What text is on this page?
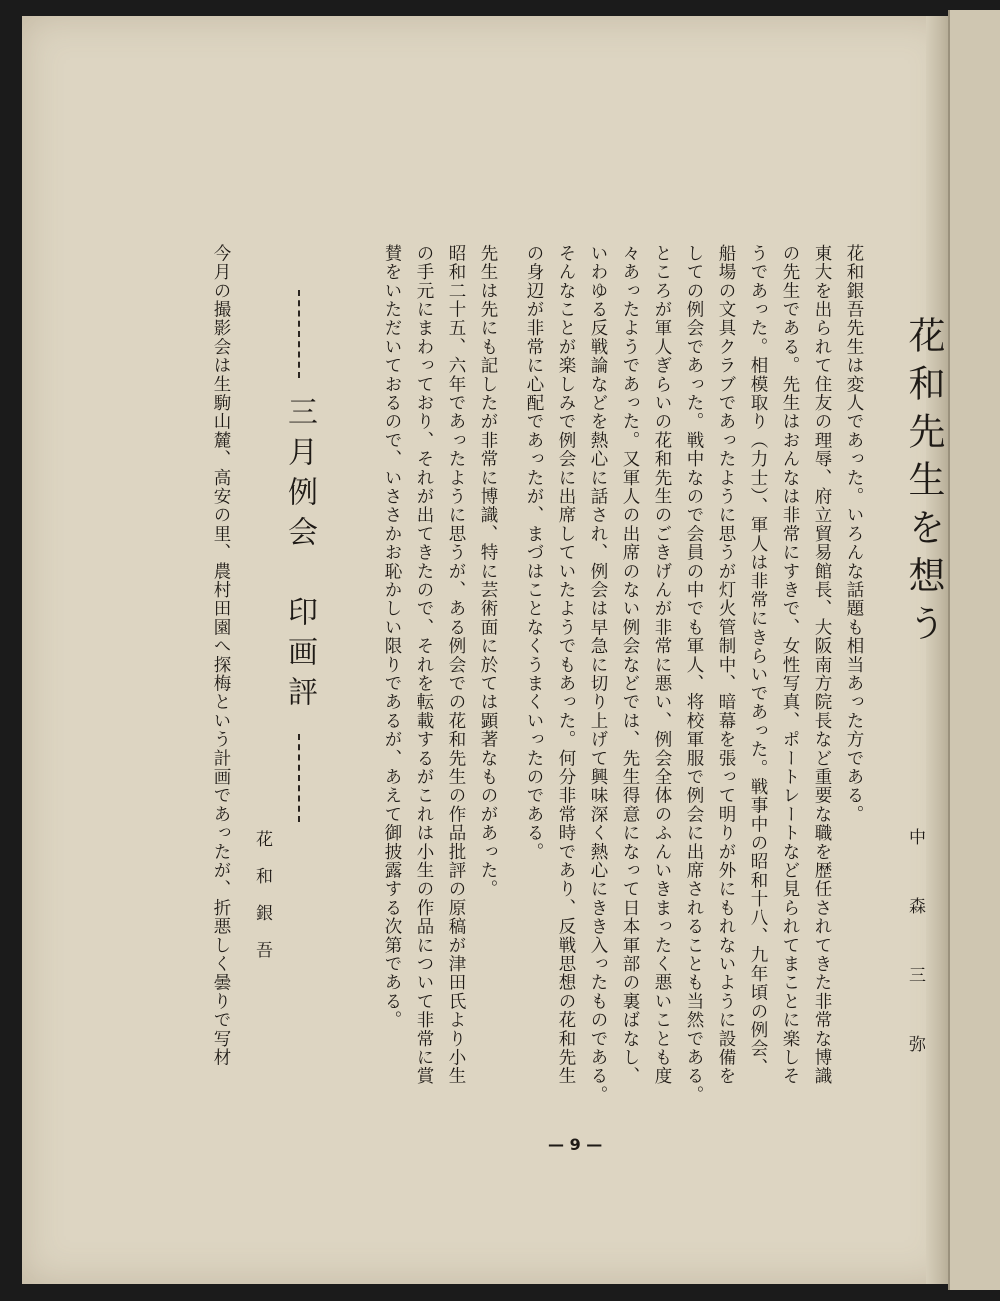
花和先生を想う
中森三弥
花和銀吾先生は変人であった。いろんな話題も相当あった方である。
東大を出られて住友の理辱、府立貿易館長、大阪南方院長など重要な職を歴任されてきた非常な博識
の先生である。先生はおんなは非常にすきで、女性写真、ポートレートなど見られてまことに楽しそ
うであった。相模取り（力士）、軍人は非常にきらいであった。戦事中の昭和十八、九年頃の例会、
船場の文具クラブであったように思うが灯火管制中、暗幕を張って明りが外にもれないように設備を
しての例会であった。戦中なので会員の中でも軍人、将校軍服で例会に出席されることも当然である。
ところが軍人ぎらいの花和先生のごきげんが非常に悪い、例会全体のふんいきまったく悪いことも度
々あったようであった。又軍人の出席のない例会などでは、先生得意になって日本軍部の裏ばなし、
いわゆる反戦論などを熱心に話され、例会は早急に切り上げて興味深く熱心にきき入ったものである。
そんなことが楽しみで例会に出席していたようでもあった。何分非常時であり、反戦思想の花和先生
の身辺が非常に心配であったが、まづはことなくうまくいったのである。
先生は先にも記したが非常に博識、特に芸術面に於ては顕著なものがあった。
昭和二十五、六年であったように思うが、ある例会での花和先生の作品批評の原稿が津田氏より小生
の手元にまわっており、それが出てきたので、それを転載するがこれは小生の作品について非常に賞
賛をいただいておるので、いささかお恥かしい限りであるが、あえて御披露する次第である。
三月例会　印画評
花和銀吾
今月の撮影会は生駒山麓、高安の里、農村田園へ探梅という計画であったが、折悪しく曇りで写材
— 9 —
